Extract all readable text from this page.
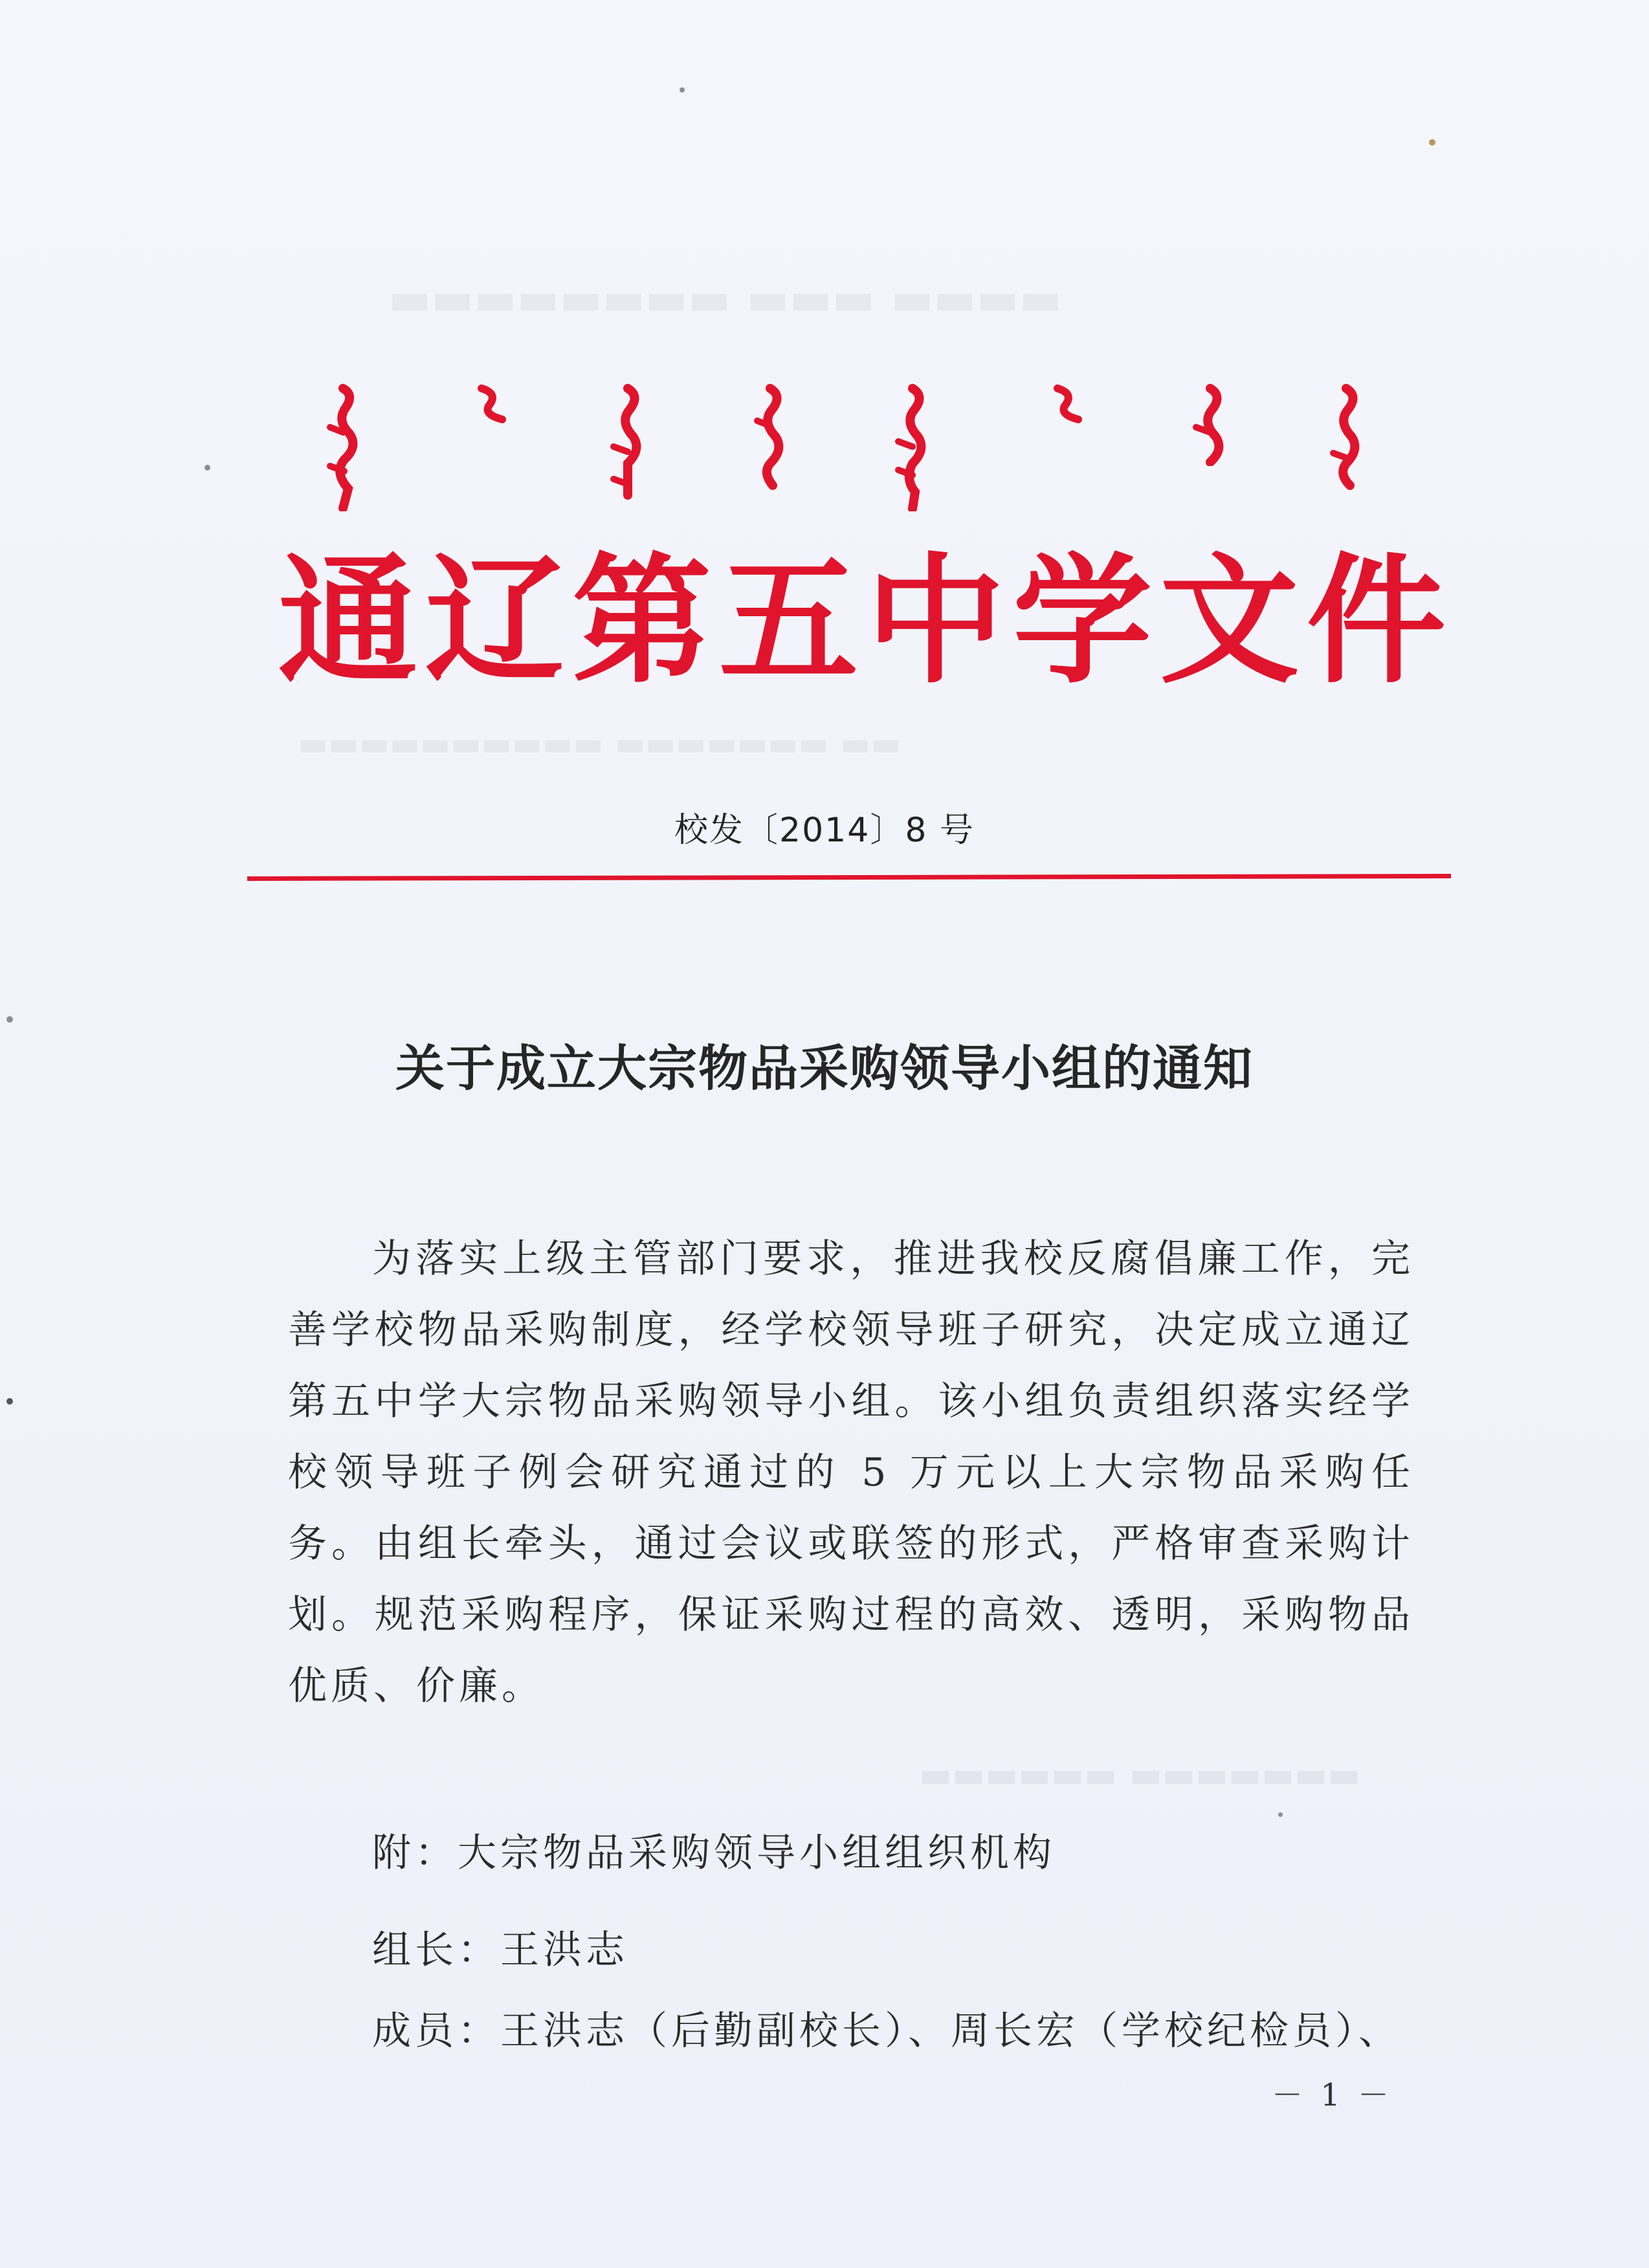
▬▬▬▬ ▬▬▬ ▬▬▬▬▬▬▬▬
▬▬ ▬▬▬▬▬▬▬ ▬▬▬▬▬▬▬▬▬▬
▬▬▬▬▬▬▬ ▬▬▬▬▬▬
通辽第五中学文件
校发〔2014〕8 号
关于成立大宗物品采购领导小组的通知
为落实上级主管部门要求，推进我校反腐倡廉工作，完善学校物品采购制度，经学校领导班子研究，决定成立通辽第五中学大宗物品采购领导小组。该小组负责组织落实经学校领导班子例会研究通过的 5 万元以上大宗物品采购任务。由组长牵头，通过会议或联签的形式，严格审查采购计划。规范采购程序，保证采购过程的高效、透明，采购物品优质、价廉。
附：大宗物品采购领导小组组织机构
组长：王洪志
成员：王洪志（后勤副校长）、周长宏（学校纪检员）、
－ 1 －
